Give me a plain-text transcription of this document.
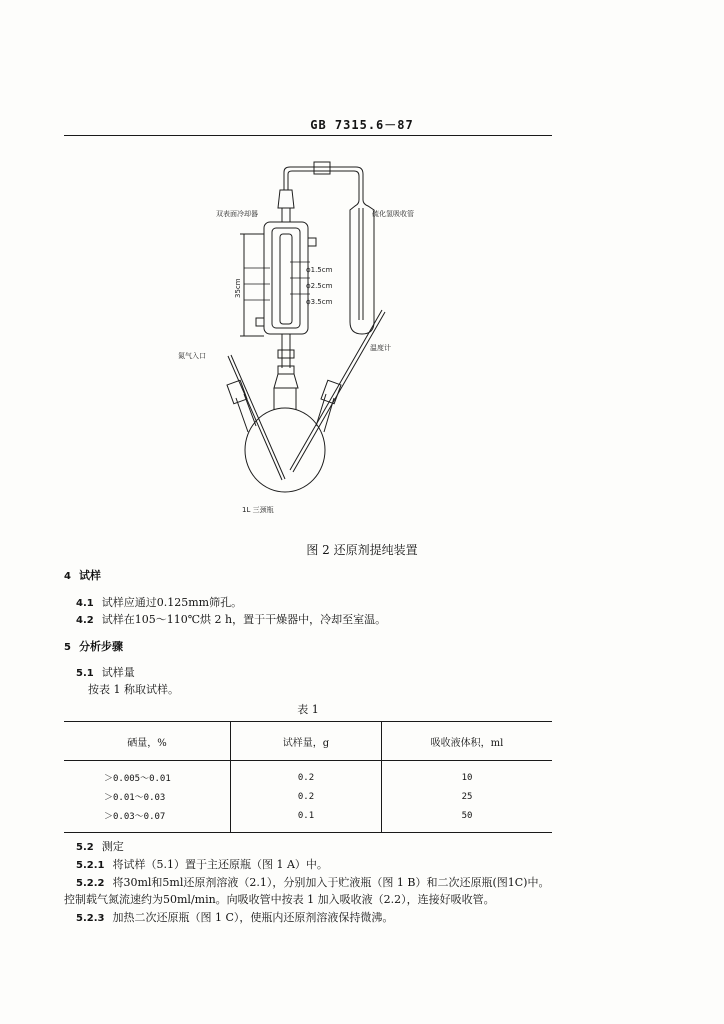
GB 7315.6－87
双表面冷却器	硫化氢吸收管
35cm
ϕ1.5cm
ϕ2.5cm
ϕ3.5cm
氮气入口
温度计
1L 三颈瓶
图 2 还原剂提纯装置
4 试样
4.1 试样应通过0.125mm筛孔。
4.2 试样在105～110℃烘 2 h，置于干燥器中，冷却至室温。
5 分析步骤
5.1 试样量
按表 1 称取试样。
表 1
硒量，%	试样量，g	吸收液体积，ml
＞0.005～0.01	0.2	10
＞0.01～0.03	0.2	25
＞0.03～0.07	0.1	50
5.2 测定
5.2.1 将试样（5.1）置于主还原瓶（图 1 A）中。
5.2.2 将30ml和5ml还原剂溶液（2.1），分别加入于贮液瓶（图 1 B）和二次还原瓶(图1C)中。
控制载气氮流速约为50ml/min。向吸收管中按表 1 加入吸收液（2.2），连接好吸收管。
5.2.3 加热二次还原瓶（图 1 C），使瓶内还原剂溶液保持微沸。
